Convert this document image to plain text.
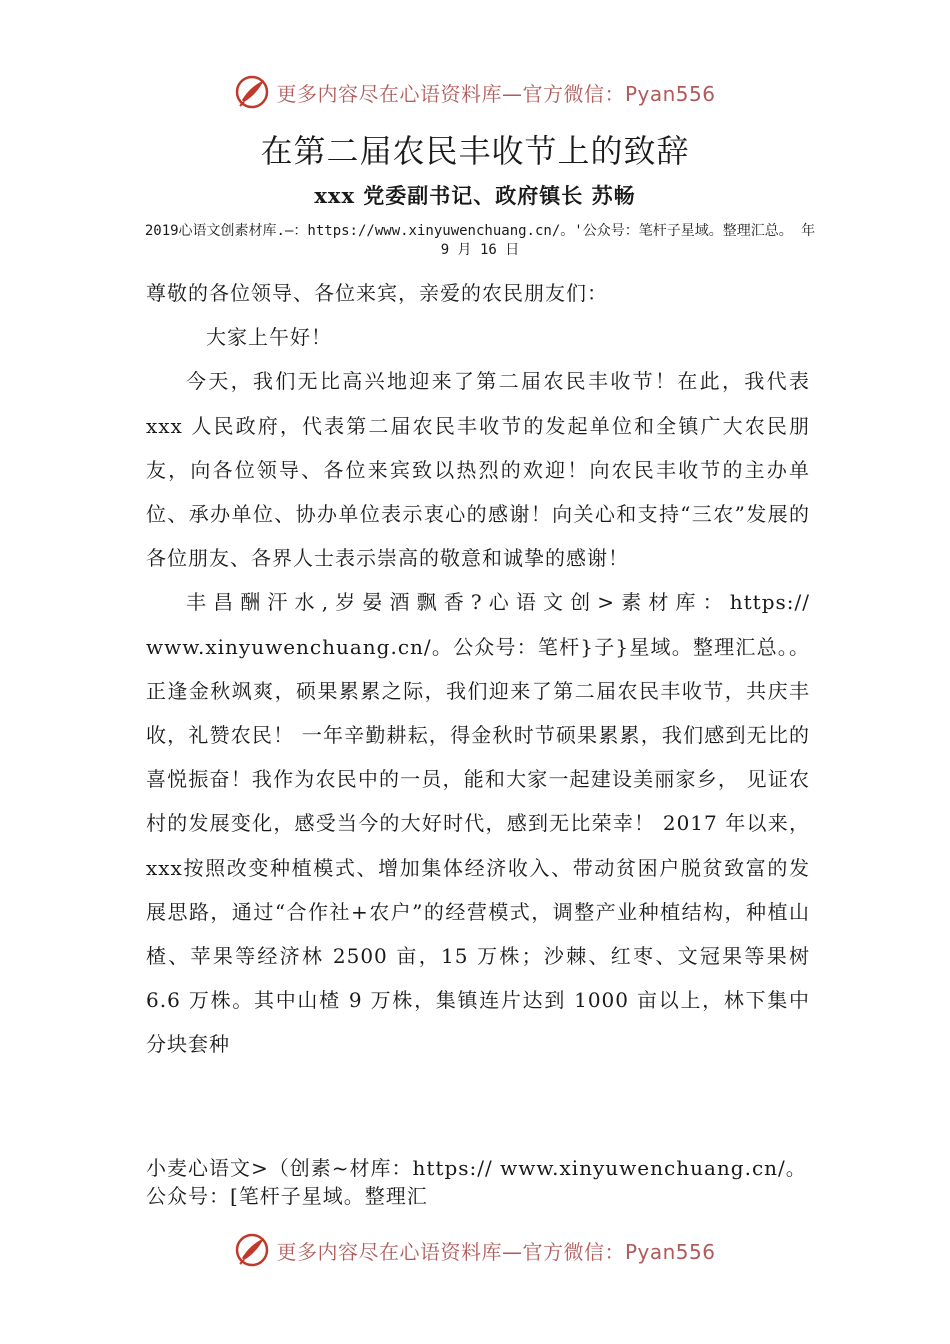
更多内容尽在心语资料库—官方微信：Pyan556
在第二届农民丰收节上的致辞
xxx 党委副书记、政府镇长 苏畅
2019心语文创素材库.—：https://www.xinyuwenchuang.cn/。'公众号：笔杆子星域。整理汇总。 年 9 月 16 日

尊敬的各位领导、各位来宾，亲爱的农民朋友们：

大家上午好！

今天，我们无比高兴地迎来了第二届农民丰收节！在此，我代表xxx 人民政府，代表第二届农民丰收节的发起单位和全镇广大农民朋友，向各位领导、各位来宾致以热烈的欢迎！向农民丰收节的主办单位、承办单位、协办单位表示衷心的感谢！向关心和支持“三农”发展的各位朋友、各界人士表示崇高的敬意和诚挚的感谢！

丰昌酬汗水,岁晏酒飘香?心语文创>素材库：https:// www.xinyuwenchuang.cn/。公众号：笔杆}子}星域。整理汇总。。正逢金秋飒爽，硕果累累之际，我们迎来了第二届农民丰收节，共庆丰收，礼赞农民！ 一年辛勤耕耘，得金秋时节硕果累累，我们感到无比的喜悦振奋！我作为农民中的一员，能和大家一起建设美丽家乡， 见证农村的发展变化，感受当今的大好时代，感到无比荣幸！ 2017 年以来，xxx按照改变种植模式、增加集体经济收入、带动贫困户脱贫致富的发展思路，通过“合作社+农户”的经营模式，调整产业种植结构，种植山楂、苹果等经济林 2500 亩，15 万株；沙棘、红枣、文冠果等果树 6.6 万株。其中山楂 9 万株，集镇连片达到 1000 亩以上，林下集中分块套种

小麦心语文>（创素~材库：https:// www.xinyuwenchuang.cn/。公众号：[笔杆子星域。整理汇
更多内容尽在心语资料库—官方微信：Pyan556
